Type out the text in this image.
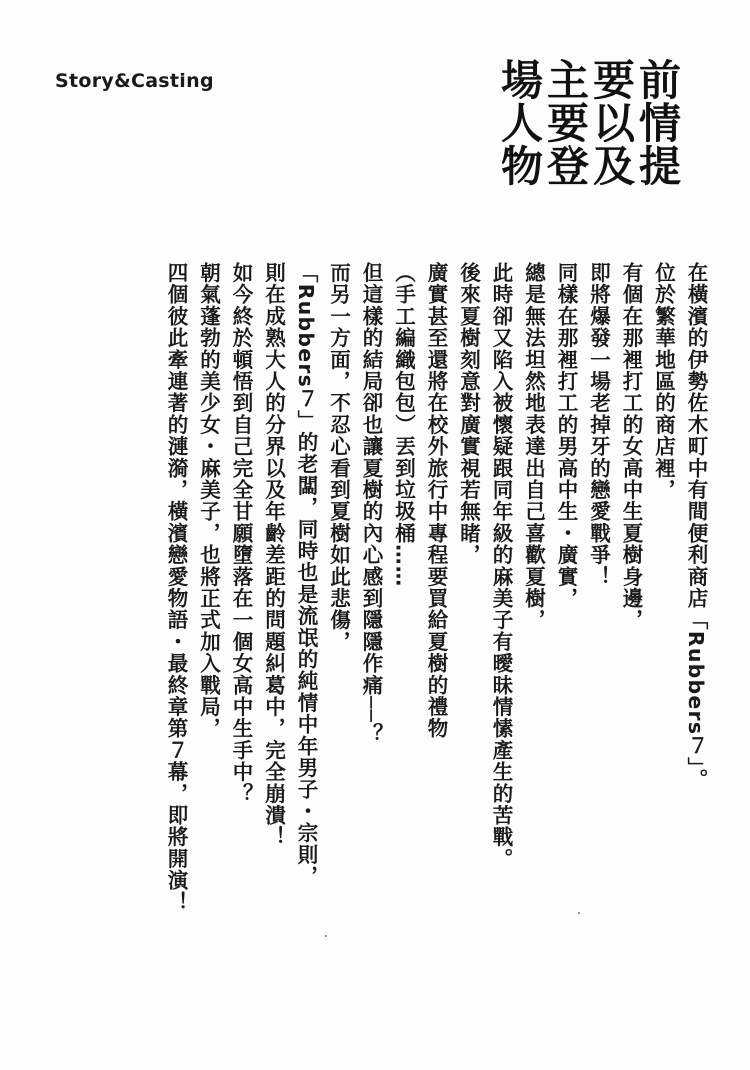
Story&Casting	前情提要以及主要登場人物
在橫濱的伊勢佐木町中有間便利商店「Rubbers７」。
位於繁華地區的商店裡，
有個在那裡打工的女高中生夏樹身邊，
即將爆發一場老掉牙的戀愛戰爭！
同樣在那裡打工的男高中生・廣實，
總是無法坦然地表達出自己喜歡夏樹，
此時卻又陷入被懷疑跟同年級的麻美子有曖昧情愫產生的苦戰。
後來夏樹刻意對廣實視若無睹，
廣實甚至還將在校外旅行中專程要買給夏樹的禮物
（手工編織包包）丟到垃圾桶……
但這樣的結局卻也讓夏樹的內心感到隱隱作痛──？
而另一方面，不忍心看到夏樹如此悲傷，
「Rubbers７」的老闆，同時也是流氓的純情中年男子・宗則，
則在成熟大人的分界以及年齡差距的問題糾葛中，完全崩潰！
如今終於頓悟到自己完全甘願墮落在一個女高中生手中？
朝氣蓬勃的美少女・麻美子，也將正式加入戰局，
四個彼此牽連著的漣漪，橫濱戀愛物語・最終章第７幕，即將開演！
